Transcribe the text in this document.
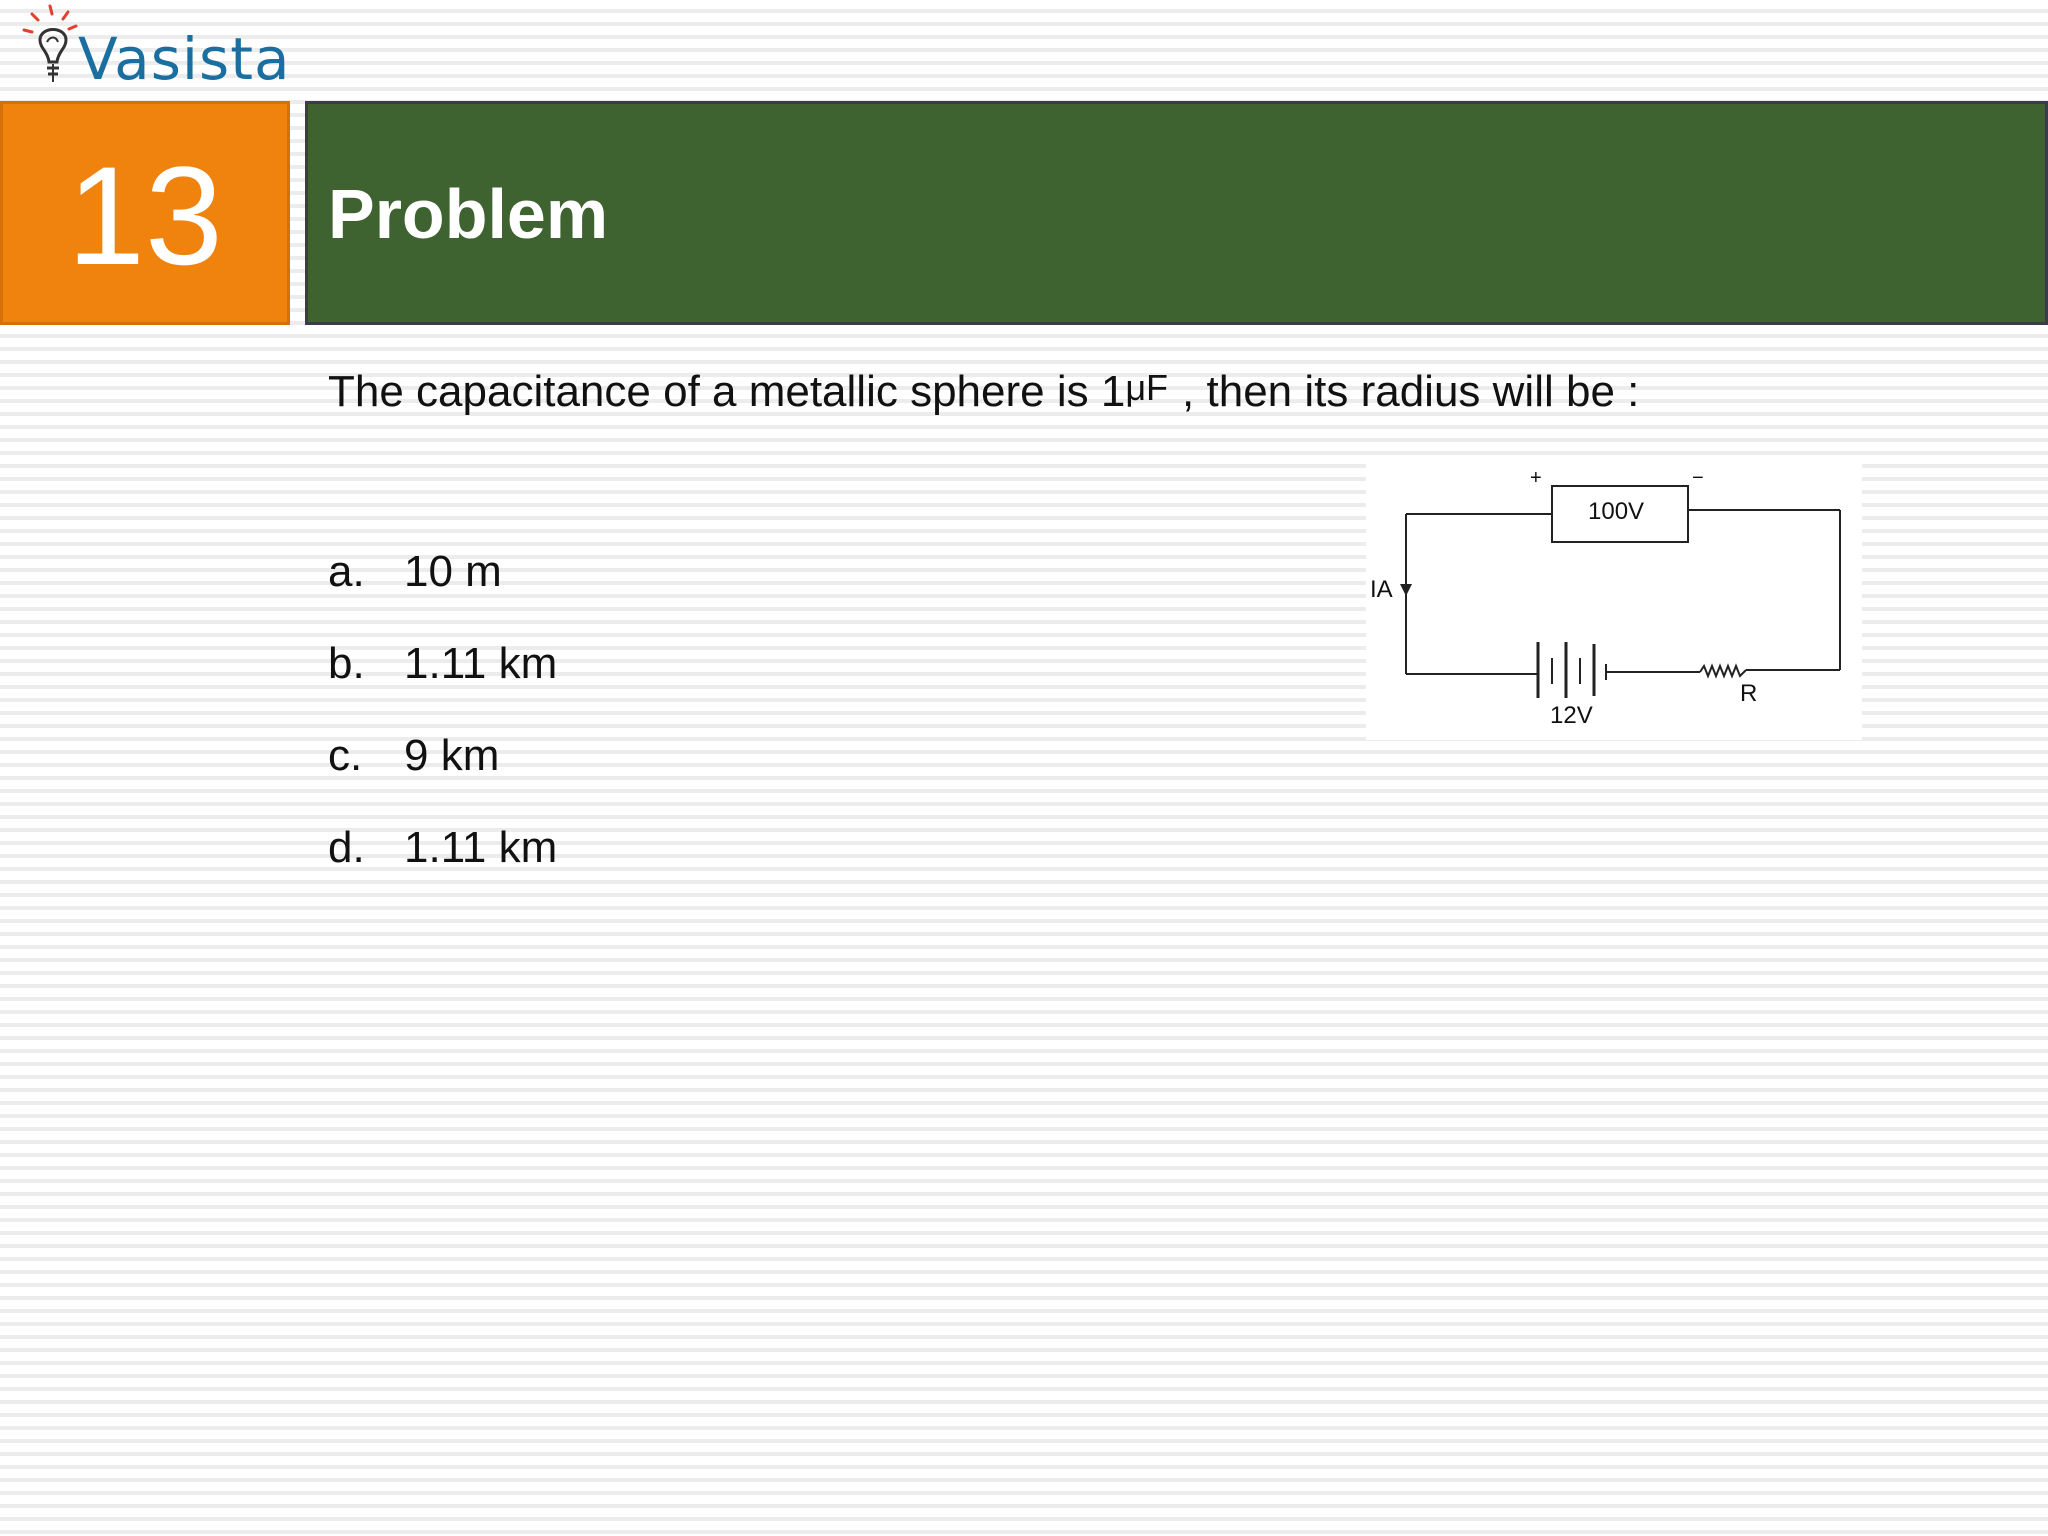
Vasista
13 Problem
The capacitance of a metallic sphere is 1μF , then its radius will be :
a. 10 m
b. 1.11 km
c. 9 km
d. 1.11 km
100V
+	−
IA
12V
R
